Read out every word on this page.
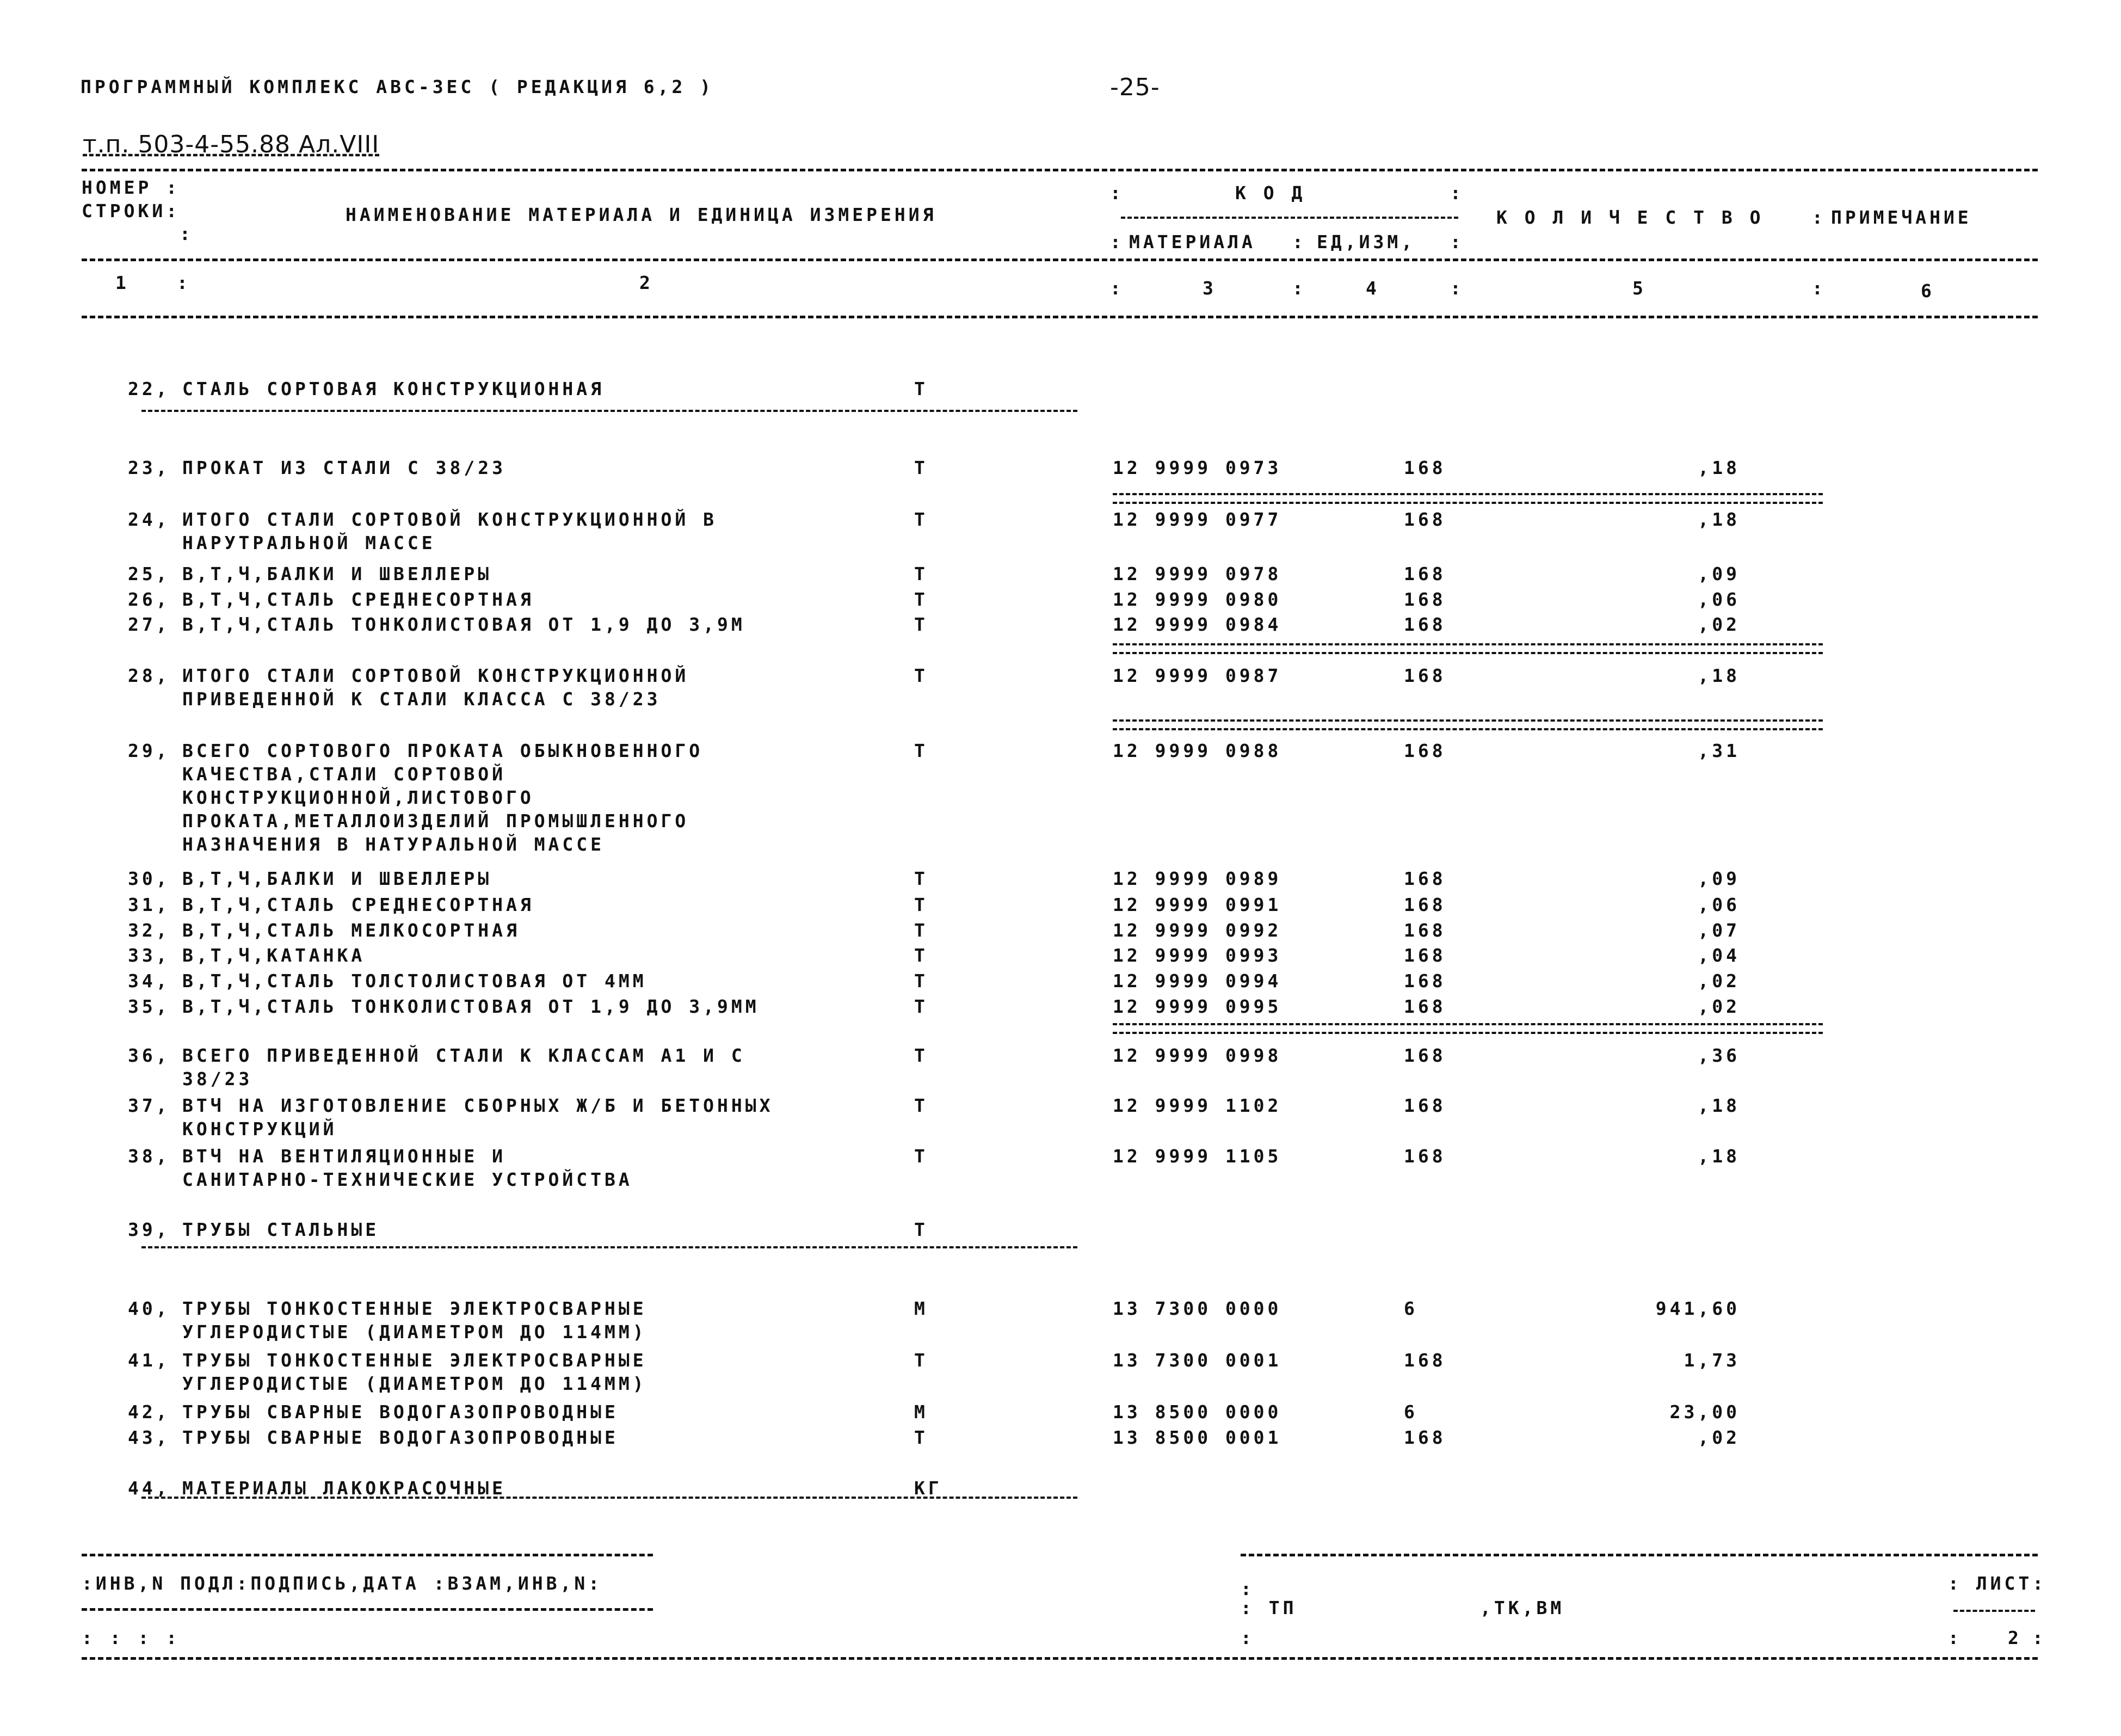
ПРОГРАММНЫЙ КОМПЛЕКС АВС-ЗЕС ( РЕДАКЦИЯ 6,2 )	-25-
т.п. 503-4-55.88 Ал.VIII
НОМЕР :
СТРОКИ:
:
НАИМЕНОВАНИЕ МАТЕРИАЛА И ЕДИНИЦА ИЗМЕРЕНИЯ
:	К О Д	:
: МАТЕРИАЛА : ЕД,ИЗМ, :
К О Л И Ч Е С Т В О	: ПРИМЕЧАНИЕ
1	:	2	:	3	:	4	:	5	:	6
22, СТАЛЬ СОРТОВАЯ КОНСТРУКЦИОННАЯ	Т
23, ПРОКАТ ИЗ СТАЛИ С 38/23	Т	12 9999 0973	168	,18
24, ИТОГО СТАЛИ СОРТОВОЙ КОНСТРУКЦИОННОЙ В
НАРУТРАЛЬНОЙ МАССЕ
Т	12 9999 0977	168	,18
25, В,Т,Ч,БАЛКИ И ШВЕЛЛЕРЫ	Т	12 9999 0978	168	,09
26, В,Т,Ч,СТАЛЬ СРЕДНЕСОРТНАЯ	Т	12 9999 0980	168	,06
27, В,Т,Ч,СТАЛЬ ТОНКОЛИСТОВАЯ ОТ 1,9 ДО 3,9М	Т	12 9999 0984	168	,02
28, ИТОГО СТАЛИ СОРТОВОЙ КОНСТРУКЦИОННОЙ
ПРИВЕДЕННОЙ К СТАЛИ КЛАССА С 38/23
Т	12 9999 0987	168	,18
29, ВСЕГО СОРТОВОГО ПРОКАТА ОБЫКНОВЕННОГО
КАЧЕСТВА,СТАЛИ СОРТОВОЙ
КОНСТРУКЦИОННОЙ,ЛИСТОВОГО
ПРОКАТА,МЕТАЛЛОИЗДЕЛИЙ ПРОМЫШЛЕННОГО
НАЗНАЧЕНИЯ В НАТУРАЛЬНОЙ МАССЕ
Т	12 9999 0988	168	,31
30, В,Т,Ч,БАЛКИ И ШВЕЛЛЕРЫ	Т	12 9999 0989	168	,09
31, В,Т,Ч,СТАЛЬ СРЕДНЕСОРТНАЯ	Т	12 9999 0991	168	,06
32, В,Т,Ч,СТАЛЬ МЕЛКОСОРТНАЯ	Т	12 9999 0992	168	,07
33, В,Т,Ч,КАТАНКА	Т	12 9999 0993	168	,04
34, В,Т,Ч,СТАЛЬ ТОЛСТОЛИСТОВАЯ ОТ 4ММ	Т	12 9999 0994	168	,02
35, В,Т,Ч,СТАЛЬ ТОНКОЛИСТОВАЯ ОТ 1,9 ДО 3,9ММ	Т	12 9999 0995	168	,02
36, ВСЕГО ПРИВЕДЕННОЙ СТАЛИ К КЛАССАМ А1 И С
38/23
Т	12 9999 0998	168	,36
37, ВТЧ НА ИЗГОТОВЛЕНИЕ СБОРНЫХ Ж/Б И БЕТОННЫХ
КОНСТРУКЦИЙ
Т	12 9999 1102	168	,18
38, ВТЧ НА ВЕНТИЛЯЦИОННЫЕ И
САНИТАРНО-ТЕХНИЧЕСКИЕ УСТРОЙСТВА
Т	12 9999 1105	168	,18
39, ТРУБЫ СТАЛЬНЫЕ	Т
40, ТРУБЫ ТОНКОСТЕННЫЕ ЭЛЕКТРОСВАРНЫЕ
УГЛЕРОДИСТЫЕ (ДИАМЕТРОМ ДО 114ММ)
М	13 7300 0000	6	941,60
41, ТРУБЫ ТОНКОСТЕННЫЕ ЭЛЕКТРОСВАРНЫЕ
УГЛЕРОДИСТЫЕ (ДИАМЕТРОМ ДО 114ММ)
Т	13 7300 0001	168	1,73
42, ТРУБЫ СВАРНЫЕ ВОДОГАЗОПРОВОДНЫЕ	М	13 8500 0000	6	23,00
43, ТРУБЫ СВАРНЫЕ ВОДОГАЗОПРОВОДНЫЕ	Т	13 8500 0001	168	,02
44, МАТЕРИАЛЫ ЛАКОКРАСОЧНЫЕ	КГ
:ИНВ,N ПОДЛ:ПОДПИСЬ,ДАТА :ВЗАМ,ИНВ,N:	:
: ТП	,ТК,ВМ
: ЛИСТ:
: : : :	:	:	2 :
